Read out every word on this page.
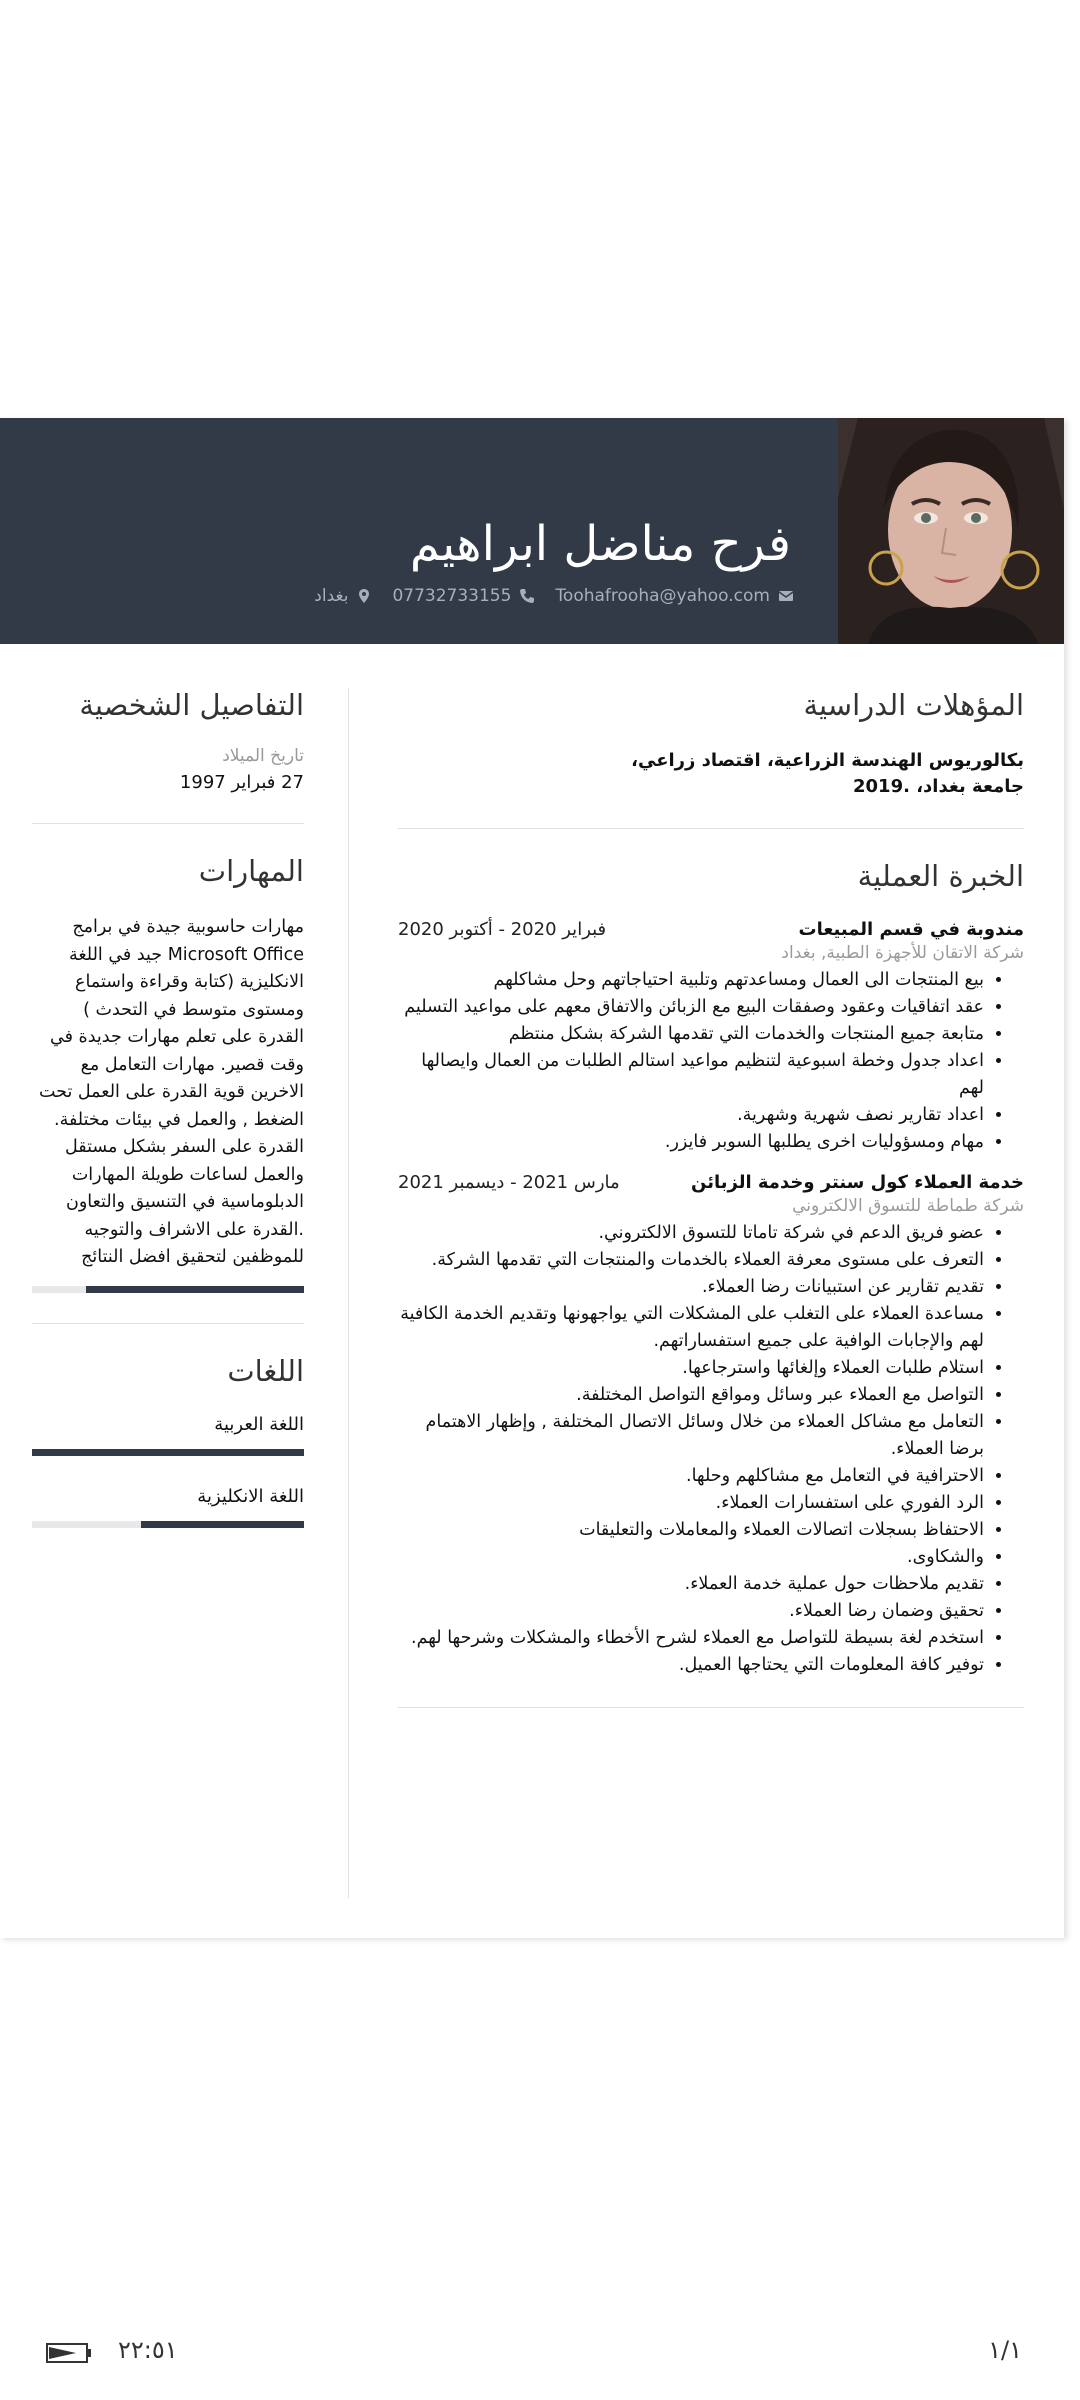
فرح مناضل ابراهيم
Toohafrooha@yahoo.com
07732733155
بغداد
المؤهلات الدراسية
بكالوريوس الهندسة الزراعية، اقتصاد زراعي،
جامعة بغداد، .2019
الخبرة العملية
مندوبة في قسم المبيعات
فبراير 2020 - أكتوبر 2020
شركة الاتقان للأجهزة الطبية, بغداد
• بيع المنتجات الى العمال ومساعدتهم وتلبية احتياجاتهم وحل مشاكلهم
• عقد اتفاقيات وعقود وصفقات البيع مع الزبائن والاتفاق معهم على مواعيد التسليم
• متابعة جميع المنتجات والخدمات التي تقدمها الشركة بشكل منتظم
• اعداد جدول وخطة اسبوعية لتنظيم مواعيد استالم الطلبات من العمال وايصالها لهم
• اعداد تقارير نصف شهرية وشهرية.
• مهام ومسؤوليات اخرى يطلبها السوبر فايزر.
خدمة العملاء كول سنتر وخدمة الزبائن
مارس 2021 - ديسمبر 2021
شركة طماطة للتسوق الالكتروني
• عضو فريق الدعم في شركة تاماتا للتسوق الالكتروني.
• التعرف على مستوى معرفة العملاء بالخدمات والمنتجات التي تقدمها الشركة.
• تقديم تقارير عن استبيانات رضا العملاء.
• مساعدة العملاء على التغلب على المشكلات التي يواجهونها وتقديم الخدمة الكافية لهم والإجابات الوافية على جميع استفساراتهم.
• استلام طلبات العملاء وإلغائها واسترجاعها.
• التواصل مع العملاء عبر وسائل ومواقع التواصل المختلفة.
• التعامل مع مشاكل العملاء من خلال وسائل الاتصال المختلفة , وإظهار الاهتمام برضا العملاء.
• الاحترافية في التعامل مع مشاكلهم وحلها.
• الرد الفوري على استفسارات العملاء.
• الاحتفاظ بسجلات اتصالات العملاء والمعاملات والتعليقات
• والشكاوى.
• تقديم ملاحظات حول عملية خدمة العملاء.
• تحقيق وضمان رضا العملاء.
• استخدم لغة بسيطة للتواصل مع العملاء لشرح الأخطاء والمشكلات وشرحها لهم.
• توفير كافة المعلومات التي يحتاجها العميل.
التفاصيل الشخصية
تاريخ الميلاد
27 فبراير 1997
المهارات
مهارات حاسوبية جيدة في برامج Microsoft Office جيد في اللغة الانكليزية (كتابة وقراءة واستماع ومستوى متوسط في التحدث ) القدرة على تعلم مهارات جديدة في وقت قصير. مهارات التعامل مع الاخرين قوية القدرة على العمل تحت الضغط , والعمل في بيئات مختلفة. القدرة على السفر بشكل مستقل والعمل لساعات طويلة المهارات الدبلوماسية في التنسيق والتعاون .القدرة على الاشراف والتوجيه للموظفين لتحقيق افضل النتائج
اللغات
اللغة العربية
اللغة الانكليزية
١/١
٢٢:٥١
